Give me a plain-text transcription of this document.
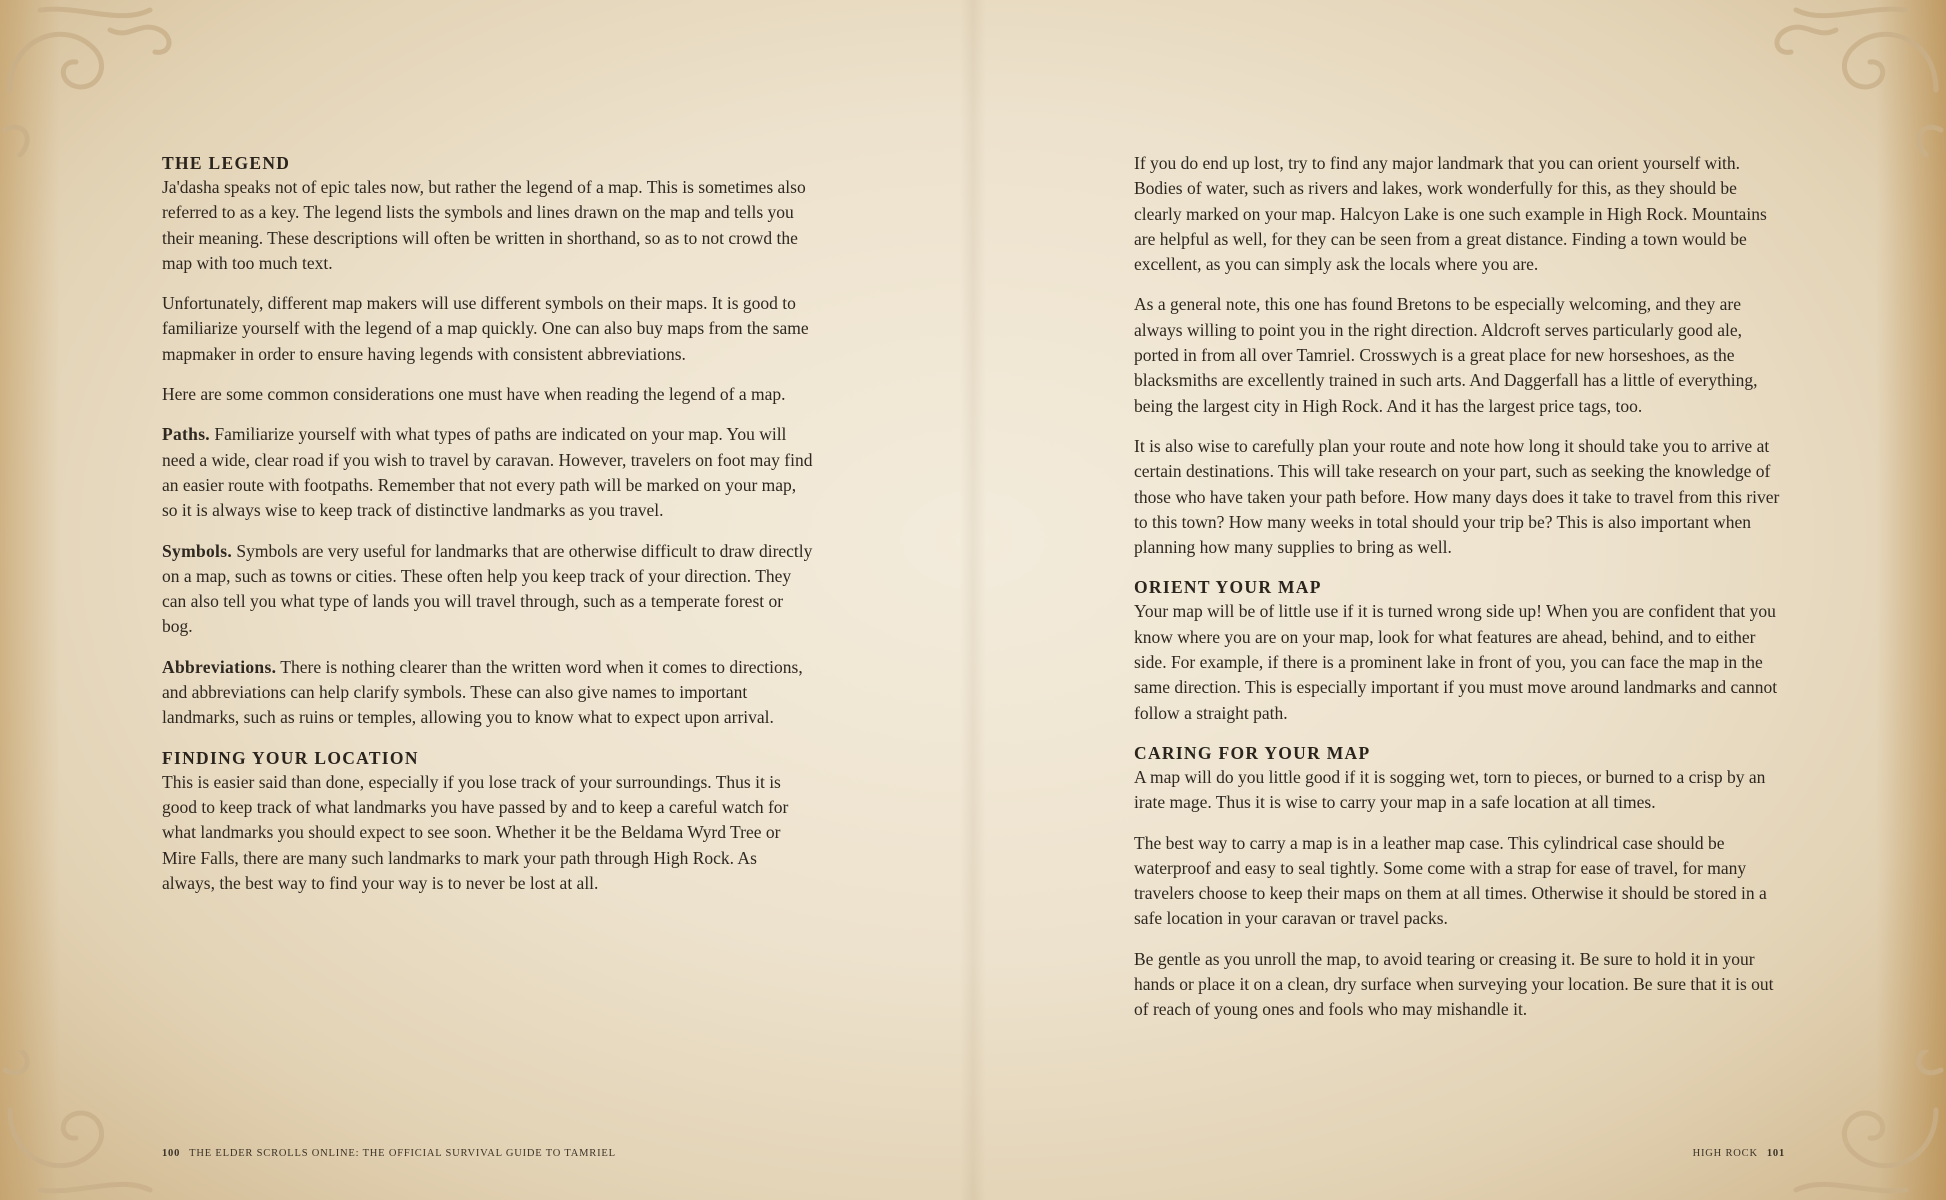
THE LEGEND

Ja'dasha speaks not of epic tales now, but rather the legend of a map. This is sometimes also referred to as a key. The legend lists the symbols and lines drawn on the map and tells you their meaning. These descriptions will often be written in shorthand, so as to not crowd the map with too much text.

Unfortunately, different map makers will use different symbols on their maps. It is good to familiarize yourself with the legend of a map quickly. One can also buy maps from the same mapmaker in order to ensure having legends with consistent abbreviations.

Here are some common considerations one must have when reading the legend of a map.

Paths. Familiarize yourself with what types of paths are indicated on your map. You will need a wide, clear road if you wish to travel by caravan. However, travelers on foot may find an easier route with footpaths. Remember that not every path will be marked on your map, so it is always wise to keep track of distinctive landmarks as you travel.

Symbols. Symbols are very useful for landmarks that are otherwise difficult to draw directly on a map, such as towns or cities. These often help you keep track of your direction. They can also tell you what type of lands you will travel through, such as a temperate forest or bog.

Abbreviations. There is nothing clearer than the written word when it comes to directions, and abbreviations can help clarify symbols. These can also give names to important landmarks, such as ruins or temples, allowing you to know what to expect upon arrival.

FINDING YOUR LOCATION

This is easier said than done, especially if you lose track of your surroundings. Thus it is good to keep track of what landmarks you have passed by and to keep a careful watch for what landmarks you should expect to see soon. Whether it be the Beldama Wyrd Tree or Mire Falls, there are many such landmarks to mark your path through High Rock. As always, the best way to find your way is to never be lost at all.

100 THE ELDER SCROLLS ONLINE: THE OFFICIAL SURVIVAL GUIDE TO TAMRIEL

If you do end up lost, try to find any major landmark that you can orient yourself with. Bodies of water, such as rivers and lakes, work wonderfully for this, as they should be clearly marked on your map. Halcyon Lake is one such example in High Rock. Mountains are helpful as well, for they can be seen from a great distance. Finding a town would be excellent, as you can simply ask the locals where you are.

As a general note, this one has found Bretons to be especially welcoming, and they are always willing to point you in the right direction. Aldcroft serves particularly good ale, ported in from all over Tamriel. Crosswych is a great place for new horseshoes, as the blacksmiths are excellently trained in such arts. And Daggerfall has a little of everything, being the largest city in High Rock. And it has the largest price tags, too.

It is also wise to carefully plan your route and note how long it should take you to arrive at certain destinations. This will take research on your part, such as seeking the knowledge of those who have taken your path before. How many days does it take to travel from this river to this town? How many weeks in total should your trip be? This is also important when planning how many supplies to bring as well.

ORIENT YOUR MAP

Your map will be of little use if it is turned wrong side up! When you are confident that you know where you are on your map, look for what features are ahead, behind, and to either side. For example, if there is a prominent lake in front of you, you can face the map in the same direction. This is especially important if you must move around landmarks and cannot follow a straight path.

CARING FOR YOUR MAP

A map will do you little good if it is sogging wet, torn to pieces, or burned to a crisp by an irate mage. Thus it is wise to carry your map in a safe location at all times.

The best way to carry a map is in a leather map case. This cylindrical case should be waterproof and easy to seal tightly. Some come with a strap for ease of travel, for many travelers choose to keep their maps on them at all times. Otherwise it should be stored in a safe location in your caravan or travel packs.

Be gentle as you unroll the map, to avoid tearing or creasing it. Be sure to hold it in your hands or place it on a clean, dry surface when surveying your location. Be sure that it is out of reach of young ones and fools who may mishandle it.

HIGH ROCK 101
